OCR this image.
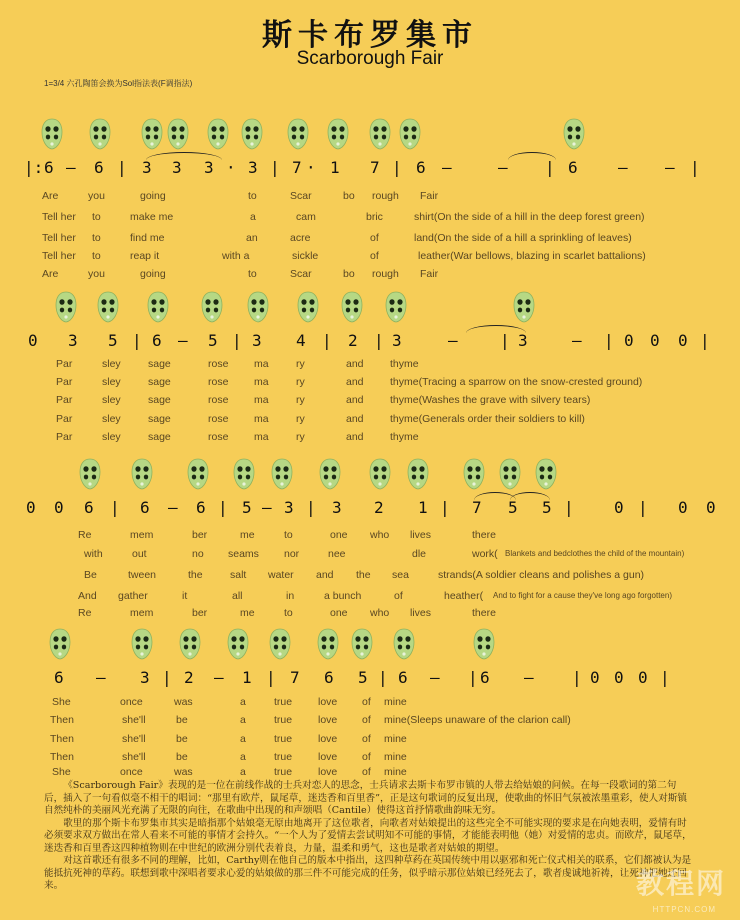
斯卡布罗集市
Scarborough Fair
1=3/4 六孔陶笛会换为Sol指法表(F调指法)
|: 6 — 6 | 3 3 3 · 3 | 7 · 1 7 | 6 —	— | 6	— — |
Are	you	going	to	Scar	bo rough Fair
Tell her to	make me	a	cam	bric	shirt(On the side of a hill in the deep forest green)
Tell her to	find me	an	acre	of	land(On the side of a hill a sprinkling of leaves)
Tell her to	reap it	with a	sickle	of	leather(War bellows, blazing in scarlet battalions)
Are	you	going	to	Scar	bo rough Fair
0 3 5 | 6 — 5 | 3 4 | 2 | 3	—	| 3	— | 0 0 0 |
Par	sley	sage	rose ma	ry	and	thyme
Par	sley	sage	rose ma	ry	and	thyme(Tracing a sparrow on the snow-crested ground)
Par	sley	sage	rose ma	ry	and	thyme(Washes the grave with silvery tears)
Par	sley	sage	rose ma	ry	and	thyme(Generals order their soldiers to kill)
Par	sley	sage	rose ma	ry	and	thyme
0 0 6 | 6 — 6 | 5 — 3 | 3 2 1 | 7 5 5 |	0 | 0 0
Re	mem	ber	me	to	one who lives	there
with	out	no seams nor	nee	dle	work( Blankets and bedclothes the child of the mountain)
Be	tween	the	salt water and the sea	strands(A soldier cleans and polishes a gun)
And gather	it	all	in	a bunch	of	heather( And to fight for a cause they've long ago forgotten)
Re	mem	ber	me	to	one who lives	there
6 — 3 | 2 — 1 | 7 6 5 | 6 — | 6 — | 0 0 0 |
She	once	was	a	true love of mine
Then	she'll	be	a	true love of mine(Sleeps unaware of the clarion call)
Then	she'll	be	a	true love of mine
Then	she'll	be	a	true love of mine
She	once	was	a	true love of mine

《Scarborough Fair》表现的是一位在前线作战的士兵对恋人的思念，士兵请求去斯卡布罗市镇的人带去给姑娘的问候。在每一段歌词的第二句后，插入了一句看似毫不相干的唱词：“那里有欧芹，鼠尾草，迷迭香和百里香”，正是这句歌词的反复出现，使歌曲的怀旧气氛被浓墨重彩，使人对斯镇自然纯朴的美丽风光充满了无限的向往，在歌曲中出现的和声颂唱（Cantile）使得这首抒情歌曲韵味无穷。

歌里的那个斯卡布罗集市其实是暗指那个姑娘毫无原由地离开了这位歌者，向歌者对姑娘提出的这些完全不可能实现的要求是在向她表明，爱情有时必须要求双方做出在常人看来不可能的事情才会持久。“一个人为了爱情去尝试明知不可能的事情，才能能表明他（她）对爱情的忠贞。而欧芹，鼠尾草，迷迭香和百里香这四种植物则在中世纪的欧洲分别代表着良，力量，温柔和勇气，这也是歌者对姑娘的期望。

对这首歌还有很多不同的理解，比如，Carthy则在他自己的版本中指出，这四种草药在英国传统中用以驱邪和死亡仪式相关的联系，它们都被认为是能抵抗死神的草药。联想到歌中深唱者要求心爱的姑娘做的那三件不可能完成的任务，似乎暗示那位姑娘已经死去了，歌者虔诚地祈祷，让死神把她还回来。	教程网
HTTPCN.COM
